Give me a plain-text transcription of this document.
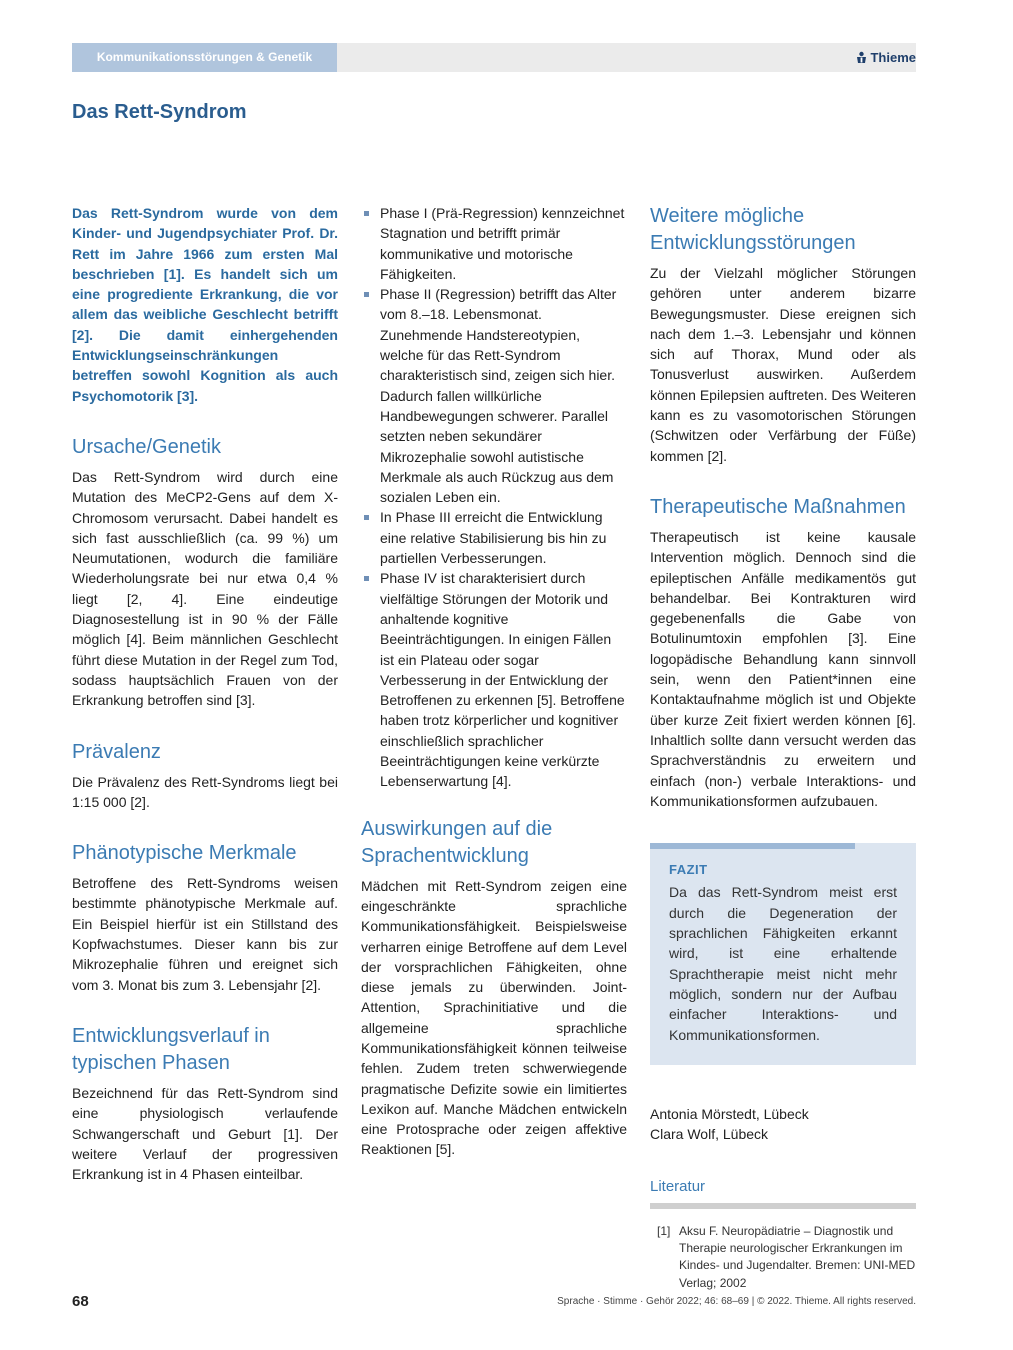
Kommunikationsstörungen & Genetik	Thieme
Das Rett-Syndrom

Das Rett-Syndrom wurde von dem Kinder- und Jugendpsychiater Prof. Dr. Rett im Jahre 1966 zum ersten Mal beschrieben [1]. Es handelt sich um eine progrediente Erkrankung, die vor allem das weibliche Geschlecht betrifft [2]. Die damit einhergehenden Entwicklungseinschränkungen betreffen sowohl Kognition als auch Psychomotorik [3].

Ursache/Genetik

Das Rett-Syndrom wird durch eine Mutation des MeCP2-Gens auf dem X-Chromosom verursacht. Dabei handelt es sich fast ausschließlich (ca. 99 %) um Neumutationen, wodurch die familiäre Wiederholungsrate bei nur etwa 0,4 % liegt [2, 4]. Eine eindeutige Diagnosestellung ist in 90 % der Fälle möglich [4]. Beim männlichen Geschlecht führt diese Mutation in der Regel zum Tod, sodass hauptsächlich Frauen von der Erkrankung betroffen sind [3].

Prävalenz

Die Prävalenz des Rett-Syndroms liegt bei 1:15 000 [2].

Phänotypische Merkmale

Betroffene des Rett-Syndroms weisen bestimmte phänotypische Merkmale auf. Ein Beispiel hierfür ist ein Stillstand des Kopfwachstumes. Dieser kann bis zur Mikrozephalie führen und ereignet sich vom 3. Monat bis zum 3. Lebensjahr [2].

Entwicklungsverlauf in typischen Phasen

Bezeichnend für das Rett-Syndrom sind eine physiologisch verlaufende Schwangerschaft und Geburt [1]. Der weitere Verlauf der progressiven Erkrankung ist in 4 Phasen einteilbar.

Phase I (Prä-Regression) kennzeichnet Stagnation und betrifft primär kommunikative und motorische Fähigkeiten.
Phase II (Regression) betrifft das Alter vom 8.–18. Lebensmonat. Zunehmende Handstereotypien, welche für das Rett-Syndrom charakteristisch sind, zeigen sich hier. Dadurch fallen willkürliche Handbewegungen schwerer. Parallel setzten neben sekundärer Mikrozephalie sowohl autistische Merkmale als auch Rückzug aus dem sozialen Leben ein.
In Phase III erreicht die Entwicklung eine relative Stabilisierung bis hin zu partiellen Verbesserungen.
Phase IV ist charakterisiert durch vielfältige Störungen der Motorik und anhaltende kognitive Beeinträchtigungen. In einigen Fällen ist ein Plateau oder sogar Verbesserung in der Entwicklung der Betroffenen zu erkennen [5]. Betroffene haben trotz körperlicher und kognitiver einschließlich sprachlicher Beeinträchtigungen keine verkürzte Lebenserwartung [4].
Auswirkungen auf die Sprachentwicklung

Mädchen mit Rett-Syndrom zeigen eine eingeschränkte sprachliche Kommunikationsfähigkeit. Beispielsweise verharren einige Betroffene auf dem Level der vorsprachlichen Fähigkeiten, ohne diese jemals zu überwinden. Joint-Attention, Sprachinitiative und die allgemeine sprachliche Kommunikationsfähigkeit können teilweise fehlen. Zudem treten schwerwiegende pragmatische Defizite sowie ein limitiertes Lexikon auf. Manche Mädchen entwickeln eine Protosprache oder zeigen affektive Reaktionen [5].

Weitere mögliche Entwicklungsstörungen

Zu der Vielzahl möglicher Störungen gehören unter anderem bizarre Bewegungsmuster. Diese ereignen sich nach dem 1.–3. Lebensjahr und können sich auf Thorax, Mund oder als Tonusverlust auswirken. Außerdem können Epilepsien auftreten. Des Weiteren kann es zu vasomotorischen Störungen (Schwitzen oder Verfärbung der Füße) kommen [2].

Therapeutische Maßnahmen

Therapeutisch ist keine kausale Intervention möglich. Dennoch sind die epileptischen Anfälle medikamentös gut behandelbar. Bei Kontrakturen wird gegebenenfalls die Gabe von Botulinumtoxin empfohlen [3]. Eine logopädische Behandlung kann sinnvoll sein, wenn den Patient*innen eine Kontaktaufnahme möglich ist und Objekte über kurze Zeit fixiert werden können [6]. Inhaltlich sollte dann versucht werden das Sprachverständnis zu erweitern und einfach (non-) verbale Interaktions- und Kommunikationsformen aufzubauen.

FAZIT

Da das Rett-Syndrom meist erst durch die Degeneration der sprachlichen Fähigkeiten erkannt wird, ist eine erhaltende Sprachtherapie meist nicht mehr möglich, sondern nur der Aufbau einfacher Interaktions- und Kommunikationsformen.

Antonia Mörstedt, Lübeck
Clara Wolf, Lübeck
Literatur
[1] Aksu F. Neuropädiatrie – Diagnostik und Therapie neurologischer Erkrankungen im Kindes- und Jugendalter. Bremen: UNI-MED Verlag; 2002
68	Sprache · Stimme · Gehör 2022; 46: 68–69 | © 2022. Thieme. All rights reserved.
